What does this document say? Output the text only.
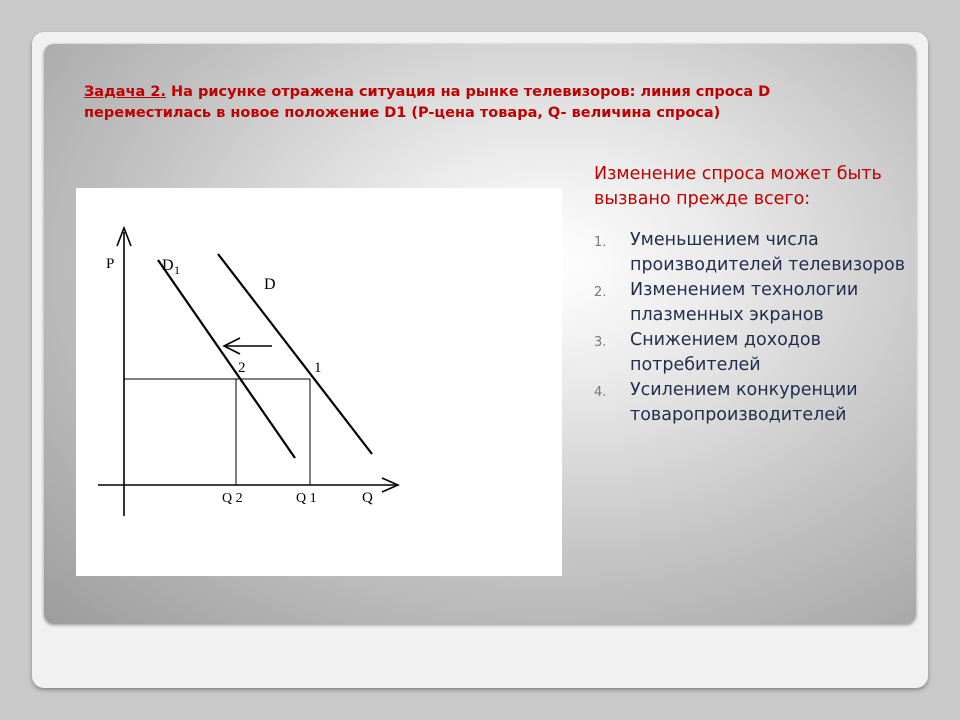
Задача 2. На рисунке отражена ситуация на рынке телевизоров: линия спроса D переместилась в новое положение D1 (P-цена товара, Q- величина спроса)
P
Q
D 1
D
2	1
Q 2	Q 1

Изменение спроса может быть вызвано прежде всего:

1. Уменьшением числа производителей телевизоров
2. Изменением технологии плазменных экранов
3. Снижением доходов потребителей
4. Усилением конкуренции товаропроизводителей
